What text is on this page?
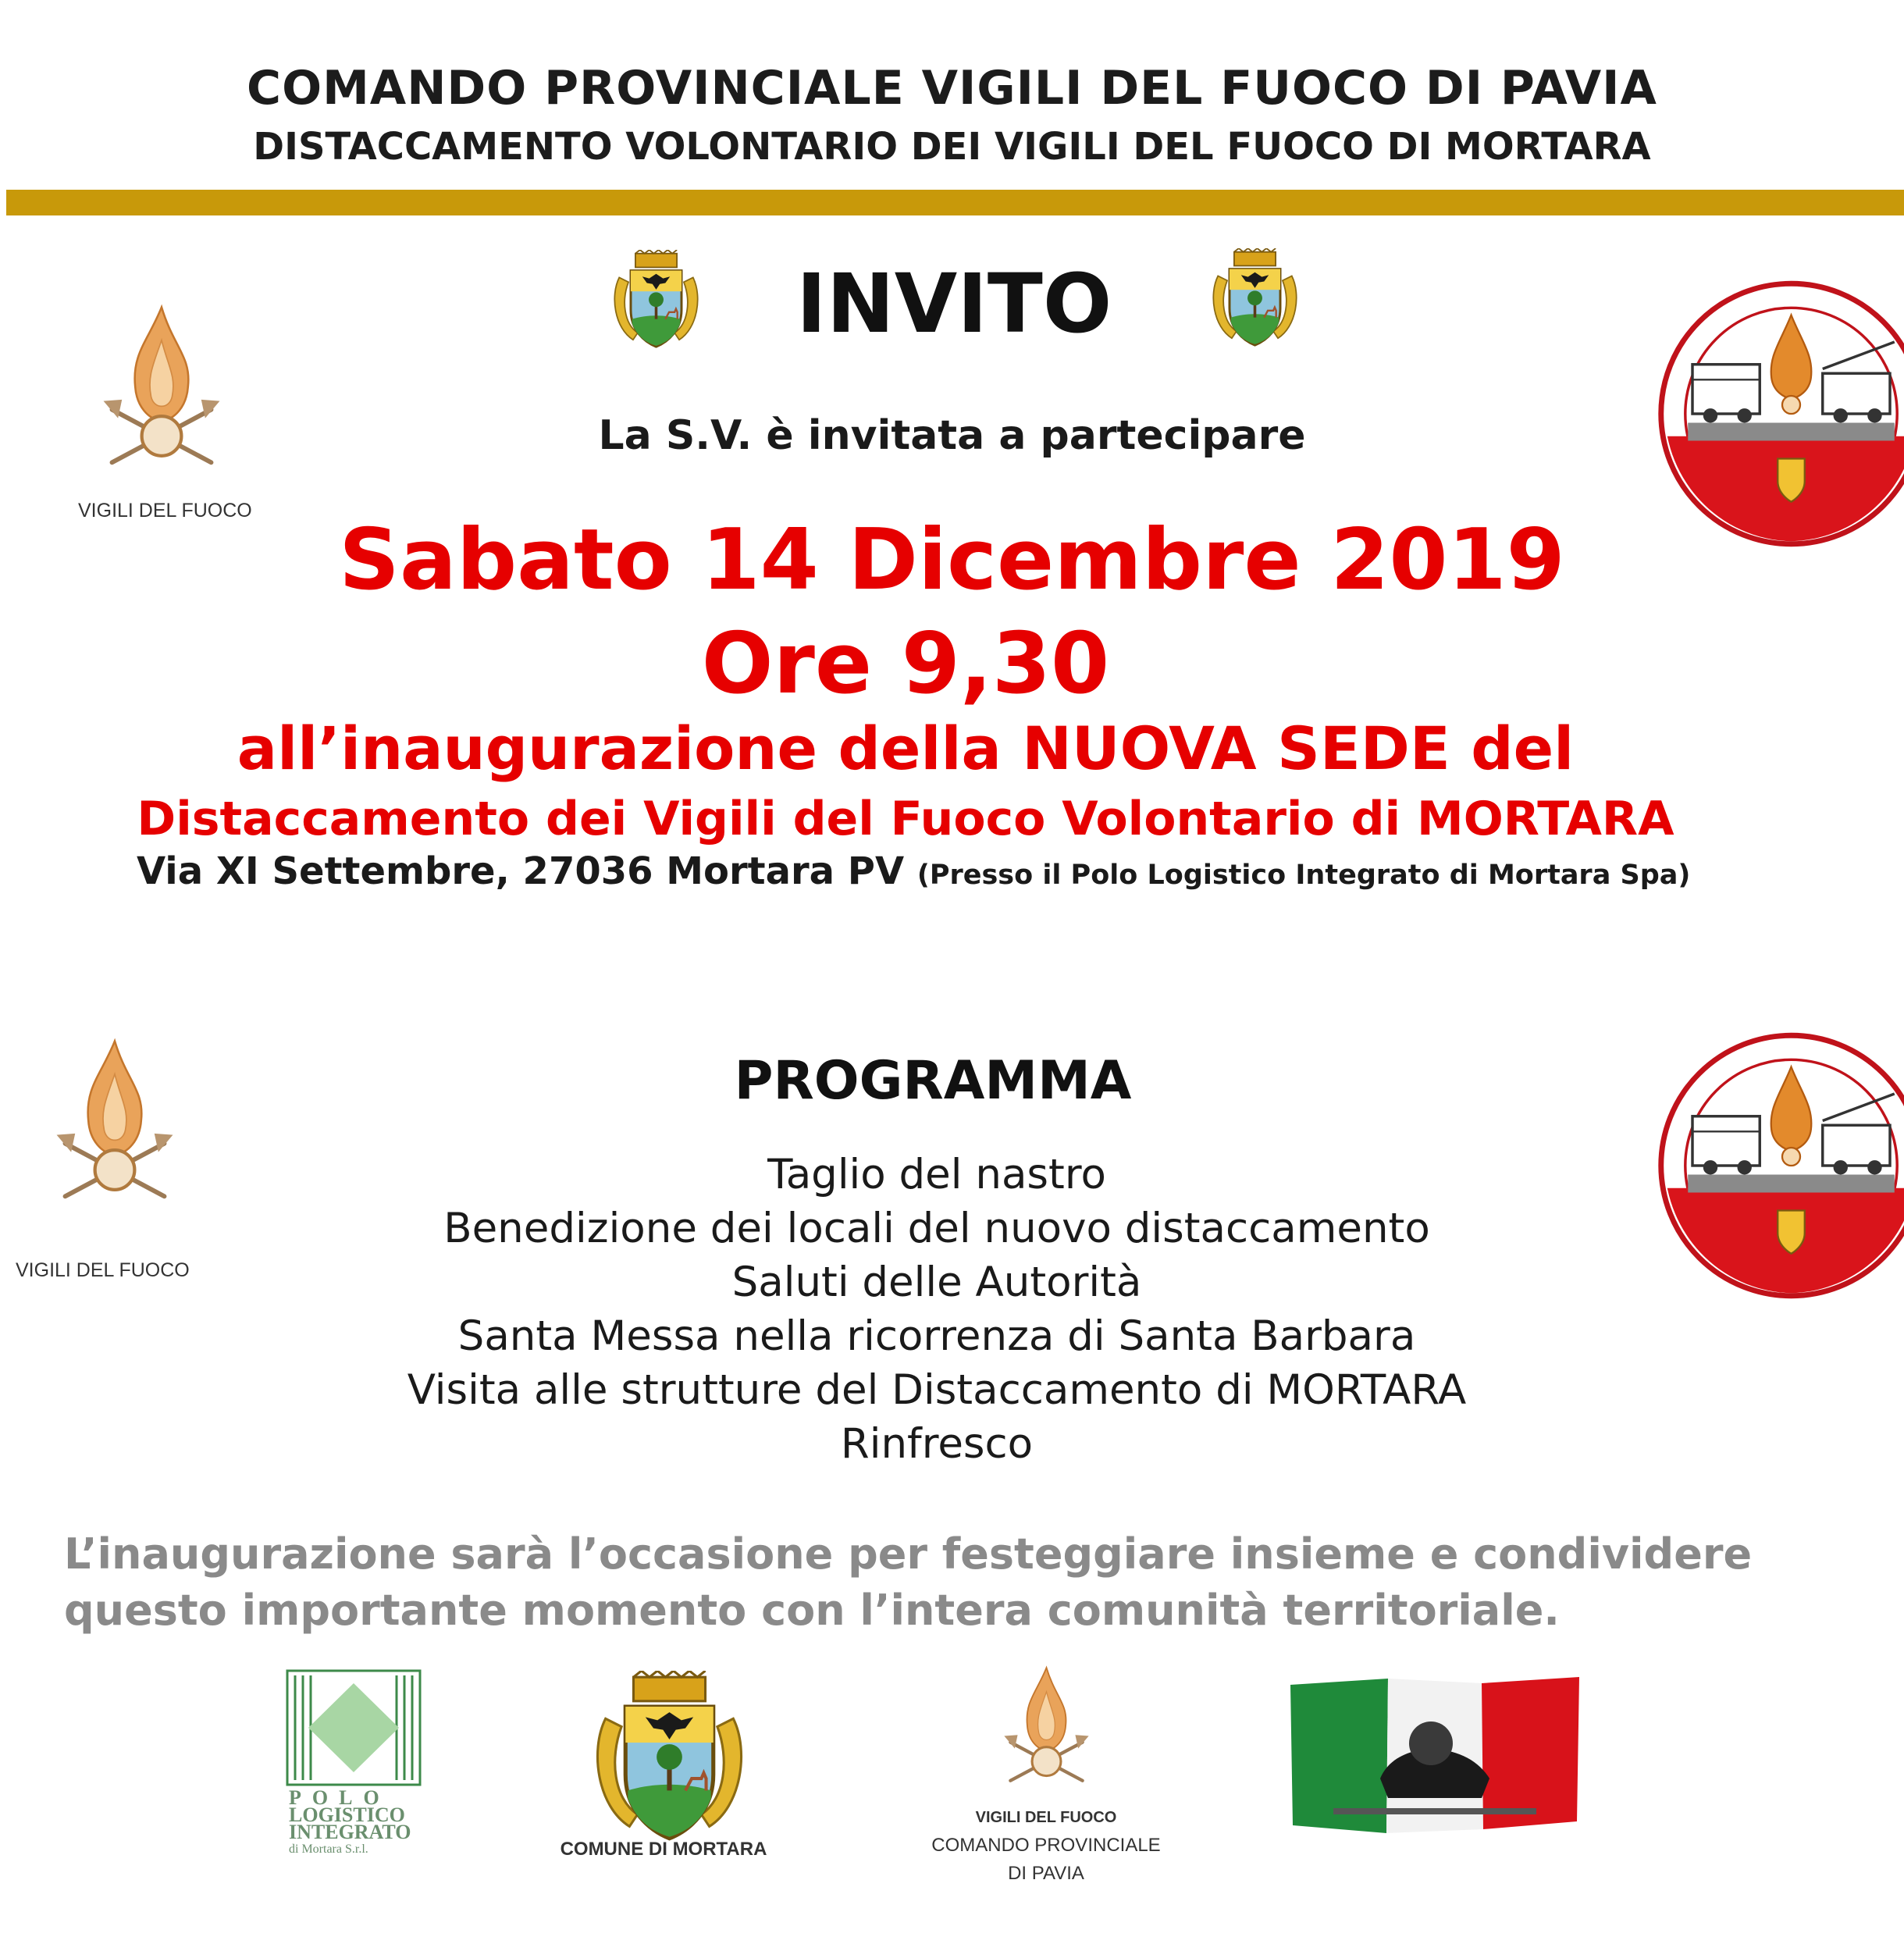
COMANDO PROVINCIALE VIGILI DEL FUOCO DI PAVIA
DISTACCAMENTO VOLONTARIO DEI VIGILI DEL FUOCO DI MORTARA
INVITO
VIGILI DEL FUOCO
La S.V. è invitata a partecipare
Sabato 14 Dicembre 2019
Ore 9,30
all’inaugurazione della NUOVA SEDE del
Distaccamento dei Vigili del Fuoco Volontario di MORTARA
Via XI Settembre, 27036 Mortara PV (Presso il Polo Logistico Integrato di Mortara Spa)
VIGILI DEL FUOCO
PROGRAMMA
Taglio del nastro
Benedizione dei locali del nuovo distaccamento
Saluti delle Autorità
Santa Messa nella ricorrenza di Santa Barbara
Visita alle strutture del Distaccamento di MORTARA
Rinfresco
L’inaugurazione sarà l’occasione per festeggiare insieme e condividere
questo importante momento con l’intera comunità territoriale.
POLO
LOGISTICO
INTEGRATO
di Mortara S.r.l.	COMUNE DI MORTARA
VIGILI DEL FUOCO
COMANDO PROVINCIALE
DI PAVIA
